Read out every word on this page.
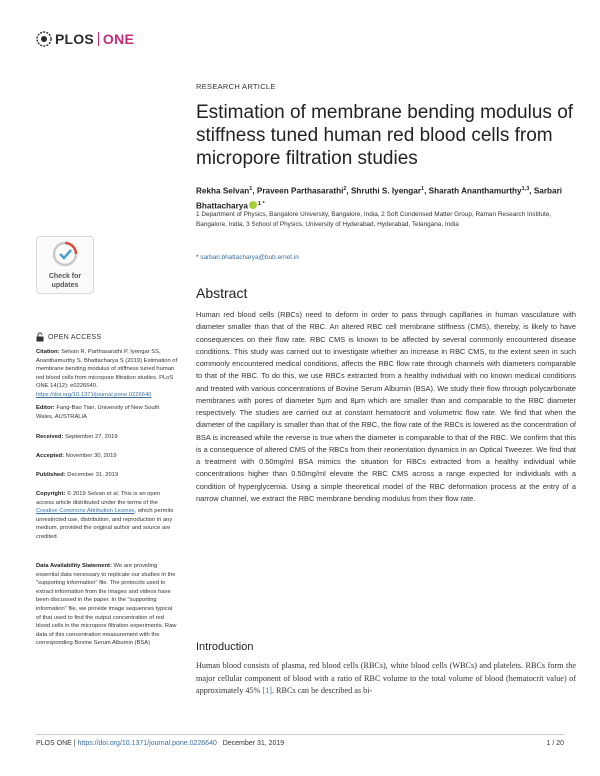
PLOS ONE
Check for
updates
RESEARCH ARTICLE
Estimation of membrane bending modulus of stiffness tuned human red blood cells from micropore filtration studies
Rekha Selvan$^1$, Praveen Parthasarathi$^2$, Shruthi S. Iyengar$^1$, Sharath Ananthamurthy$^{1,3}$, Sarbari Bhattacharya $^{1 *}$
1 Department of Physics, Bangalore University, Bangalore, India, 2 Soft Condensed Matter Group, Raman Research Institute, Bangalore, India, 3 School of Physics, University of Hyderabad, Hyderabad, Telangana, India
* sarbari.bhattacharya@bub.ernet.in
Abstract
Human red blood cells (RBCs) need to deform in order to pass through capillaries in human vasculature with diameter smaller than that of the RBC. An altered RBC cell membrane stiffness (CMS), thereby, is likely to have consequences on their flow rate. RBC CMS is known to be affected by several commonly encountered disease conditions. This study was carried out to investigate whether an increase in RBC CMS, to the extent seen in such commonly encountered medical conditions, affects the RBC flow rate through channels with diameters comparable to that of the RBC. To do this, we use RBCs extracted from a healthy individual with no known medical conditions and treated with various concentrations of Bovine Serum Albumin (BSA). We study their flow through polycarbonate membranes with pores of diameter 5μm and 8μm which are smaller than and comparable to the RBC diameter respectively. The studies are carried out at constant hematocrit and volumetric flow rate. We find that when the diameter of the capillary is smaller than that of the RBC, the flow rate of the RBCs is lowered as the concentration of BSA is increased while the reverse is true when the diameter is comparable to that of the RBC. We confirm that this is a consequence of altered CMS of the RBCs from their reorientation dynamics in an Optical Tweezer. We find that a treatment with 0.50mg/ml BSA mimics the situation for RBCs extracted from a healthy individual while concentrations higher than 0.50mg/ml elevate the RBC CMS across a range expected for individuals with a condition of hyperglycemia. Using a simple theoretical model of the RBC deformation process at the entry of a narrow channel, we extract the RBC membrane bending modulus from their flow rate.
Introduction
Human blood consists of plasma, red blood cells (RBCs), white blood cells (WBCs) and platelets. RBCs form the major cellular component of blood with a ratio of RBC volume to the total volume of blood (hematocrit value) of approximately 45% [1]. RBCs can be described as bi-
OPEN ACCESS
Citation: Selvan R, Parthasarathi P, Iyengar SS, Ananthamurthy S, Bhattacharya S (2019) Estimation of membrane bending modulus of stiffness tuned human red blood cells from micropore filtration studies. PLoS ONE 14(12): e0226640. https://doi.org/10.1371/journal.pone.0226640
Editor: Fang-Bao Tian, University of New South Wales, AUSTRALIA
Received: September 27, 2019
Accepted: November 30, 2019
Published: December 31, 2019
Copyright: © 2019 Selvan et al. This is an open access article distributed under the terms of the Creative Commons Attribution License, which permits unrestricted use, distribution, and reproduction in any medium, provided the original author and source are credited.
Data Availability Statement: We are providing essential data necessary to replicate our studies in the "supporting information" file. The protocols used to extract information from the images and videos have been discussed in the paper. In the "supporting information" file, we provide image sequences typical of that used to find the output concentration of red blood cells in the micropore filtration experiments. Raw data of this concentration measurement with the corresponding Bovine Serum Albumin (BSA)
PLOS ONE | https://doi.org/10.1371/journal.pone.0226640 December 31, 2019	1 / 20
